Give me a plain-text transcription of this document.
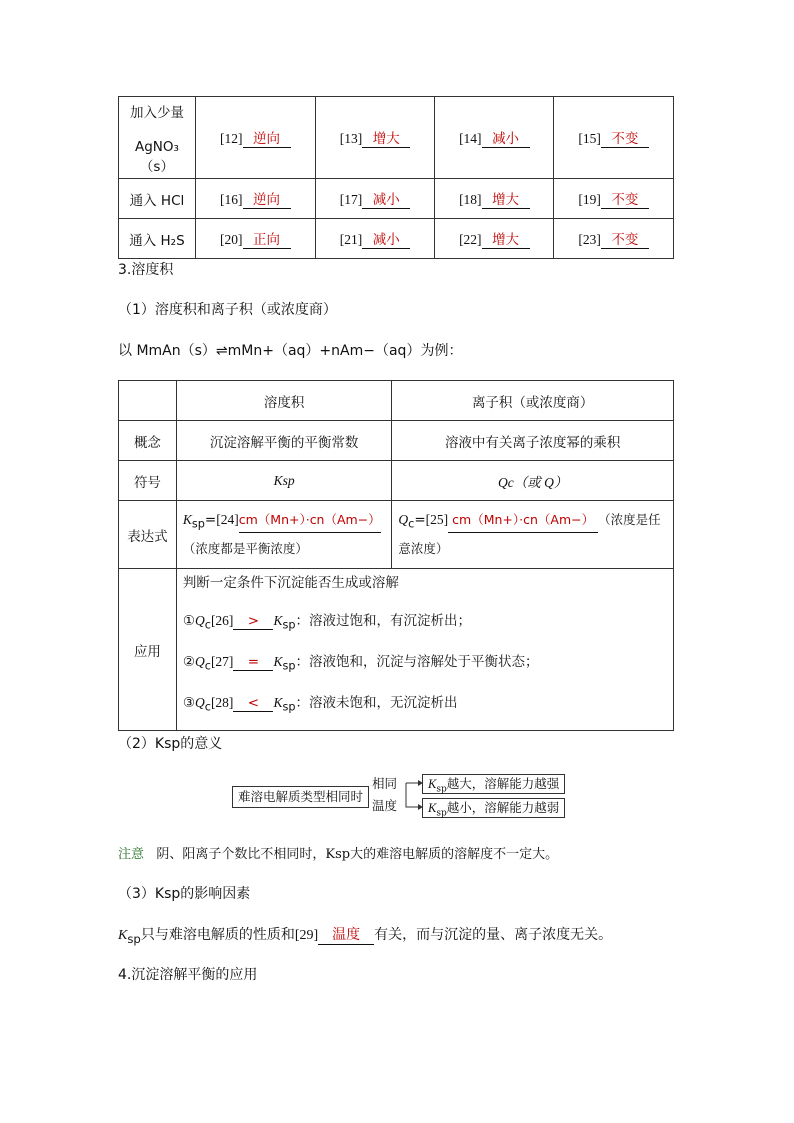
加入少量
AgNO₃（s）	[12] 逆向	[13] 增大	[14] 减小	[15] 不变
通入 HCl	[16] 逆向	[17] 减小	[18] 增大	[19] 不变
通入 H₂S	[20] 正向	[21] 减小	[22] 增大	[23] 不变
3.溶度积
（1）溶度积和离子积（或浓度商）
以 MmAn（s）⇌mMn+（aq）+nAm−（aq）为例：
	溶度积	离子积（或浓度商）
概念	沉淀溶解平衡的平衡常数	溶液中有关离子浓度幂的乘积
符号	Ksp	Qc（或 Q）
表达式	$K_{sp}=[24]cm(Mn+)\cdot cn(Am-)$（浓度都是平衡浓度）	$Q_c=[25]$ cm（Mn+）·cn（Am−） （浓度是任意浓度）
应用	判断一定条件下沉淀能否生成或溶解
$①Q_c[26] > K_{sp}$：溶液过饱和，有沉淀析出；
$②Q_c[27] = K_{sp}$：溶液饱和，沉淀与溶解处于平衡状态；
$③Q_c[28] < K_{sp}$：溶液未饱和，无沉淀析出	
（2）Ksp的意义
难溶电解质类型相同时
相同
温度
$K_{sp}$越大，溶解能力越强
$K_{sp}$越小，溶解能力越弱
注意 阴、阳离子个数比不相同时，Ksp大的难溶电解质的溶解度不一定大。
（3）Ksp的影响因素
$K_{sp}$只与难溶电解质的性质和[29] 温度 有关，而与沉淀的量、离子浓度无关。
4.沉淀溶解平衡的应用
